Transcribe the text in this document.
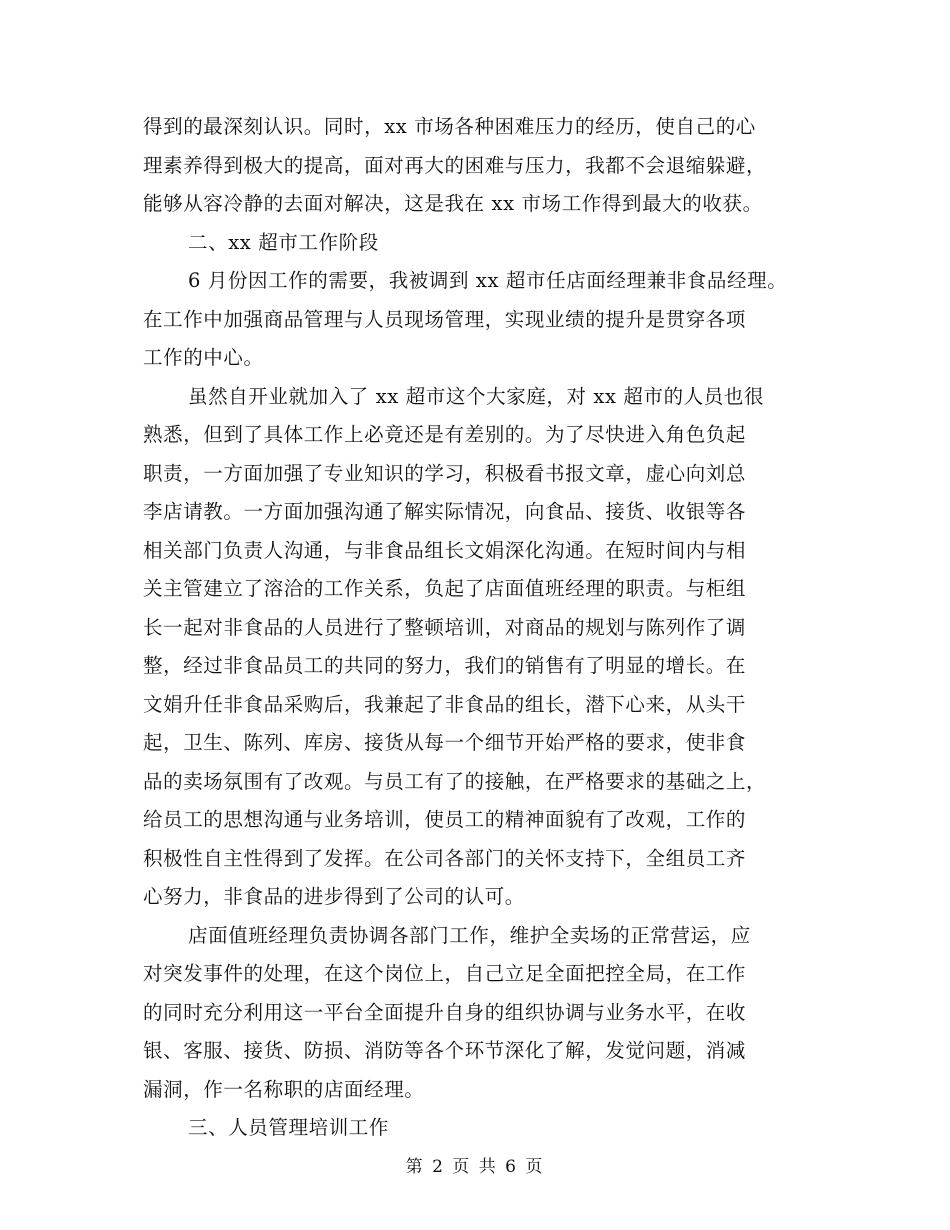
得到的最深刻认识。同时，xx 市场各种困难压力的经历，使自己的心
理素养得到极大的提高，面对再大的困难与压力，我都不会退缩躲避，
能够从容冷静的去面对解决，这是我在 xx 市场工作得到最大的收获。
二、xx 超市工作阶段
6 月份因工作的需要，我被调到 xx 超市任店面经理兼非食品经理。
在工作中加强商品管理与人员现场管理，实现业绩的提升是贯穿各项
工作的中心。
虽然自开业就加入了 xx 超市这个大家庭，对 xx 超市的人员也很
熟悉，但到了具体工作上必竟还是有差别的。为了尽快进入角色负起
职责，一方面加强了专业知识的学习，积极看书报文章，虚心向刘总
李店请教。一方面加强沟通了解实际情况，向食品、接货、收银等各
相关部门负责人沟通，与非食品组长文娟深化沟通。在短时间内与相
关主管建立了溶洽的工作关系，负起了店面值班经理的职责。与柜组
长一起对非食品的人员进行了整顿培训，对商品的规划与陈列作了调
整，经过非食品员工的共同的努力，我们的销售有了明显的增长。在
文娟升任非食品采购后，我兼起了非食品的组长，潜下心来，从头干
起，卫生、陈列、库房、接货从每一个细节开始严格的要求，使非食
品的卖场氛围有了改观。与员工有了的接触，在严格要求的基础之上，
给员工的思想沟通与业务培训，使员工的精神面貌有了改观，工作的
积极性自主性得到了发挥。在公司各部门的关怀支持下，全组员工齐
心努力，非食品的进步得到了公司的认可。
店面值班经理负责协调各部门工作，维护全卖场的正常营运，应
对突发事件的处理，在这个岗位上，自己立足全面把控全局，在工作
的同时充分利用这一平台全面提升自身的组织协调与业务水平，在收
银、客服、接货、防损、消防等各个环节深化了解，发觉问题，消减
漏洞，作一名称职的店面经理。
三、人员管理培训工作
第 2 页 共 6 页
